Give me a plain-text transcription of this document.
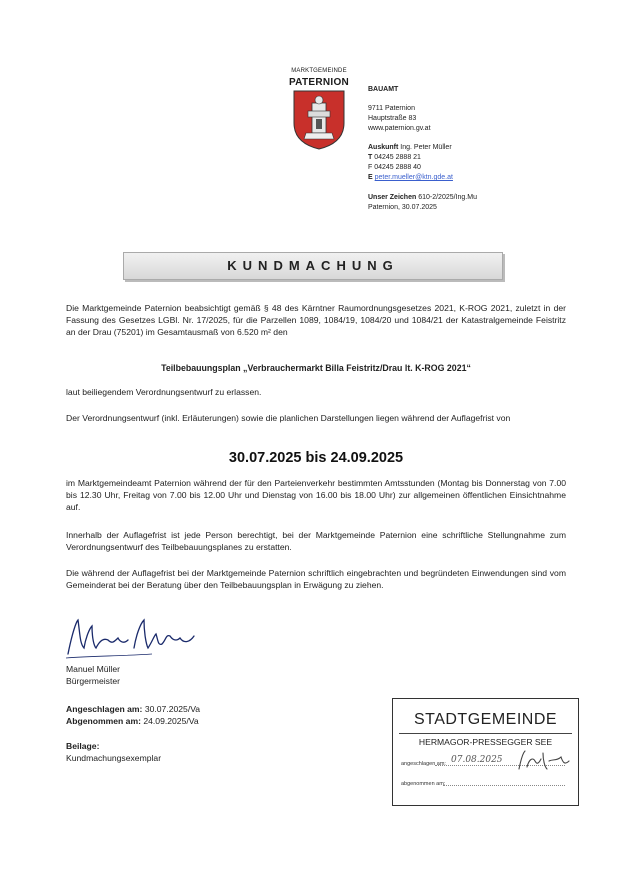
MARKTGEMEINDE
PATERNION
BAUAMT
9711 Paternion
Hauptstraße 83
www.paternion.gv.at
Auskunft Ing. Peter Müller
T 04245 2888 21
F 04245 2888 40
E peter.mueller@ktn.gde.at
Unser Zeichen 610-2/2025/Ing.Mu
Paternion, 30.07.2025
KUNDMACHUNG
Die Marktgemeinde Paternion beabsichtigt gemäß § 48 des Kärntner Raumordnungsgesetzes 2021, K-ROG 2021, zuletzt in der Fassung des Gesetzes LGBl. Nr. 17/2025, für die Parzellen 1089, 1084/19, 1084/20 und 1084/21 der Katastralgemeinde Feistritz an der Drau (75201) im Gesamtausmaß von 6.520 m² den
Teilbebauungsplan „Verbrauchermarkt Billa Feistritz/Drau lt. K-ROG 2021“
laut beiliegendem Verordnungsentwurf zu erlassen.
Der Verordnungsentwurf (inkl. Erläuterungen) sowie die planlichen Darstellungen liegen während der Auflagefrist von
30.07.2025 bis 24.09.2025
im Marktgemeindeamt Paternion während der für den Parteienverkehr bestimmten Amtsstunden (Montag bis Donnerstag von 7.00 bis 12.30 Uhr, Freitag von 7.00 bis 12.00 Uhr und Dienstag von 16.00 bis 18.00 Uhr) zur allgemeinen öffentlichen Einsichtnahme auf.
Innerhalb der Auflagefrist ist jede Person berechtigt, bei der Marktgemeinde Paternion eine schriftliche Stellungnahme zum Verordnungsentwurf des Teilbebauungsplanes zu erstatten.
Die während der Auflagefrist bei der Marktgemeinde Paternion schriftlich eingebrachten und begründeten Einwendungen sind vom Gemeinderat bei der Beratung über den Teilbebauungsplan in Erwägung zu ziehen.
Manuel Müller
Bürgermeister
Angeschlagen am: 30.07.2025/Va
Abgenommen am: 24.09.2025/Va
Beilage:
Kundmachungsexemplar
STADTGEMEINDE
HERMAGOR-PRESSEGGER SEE
angeschlagen am: 07.08.2025
abgenommen am:
